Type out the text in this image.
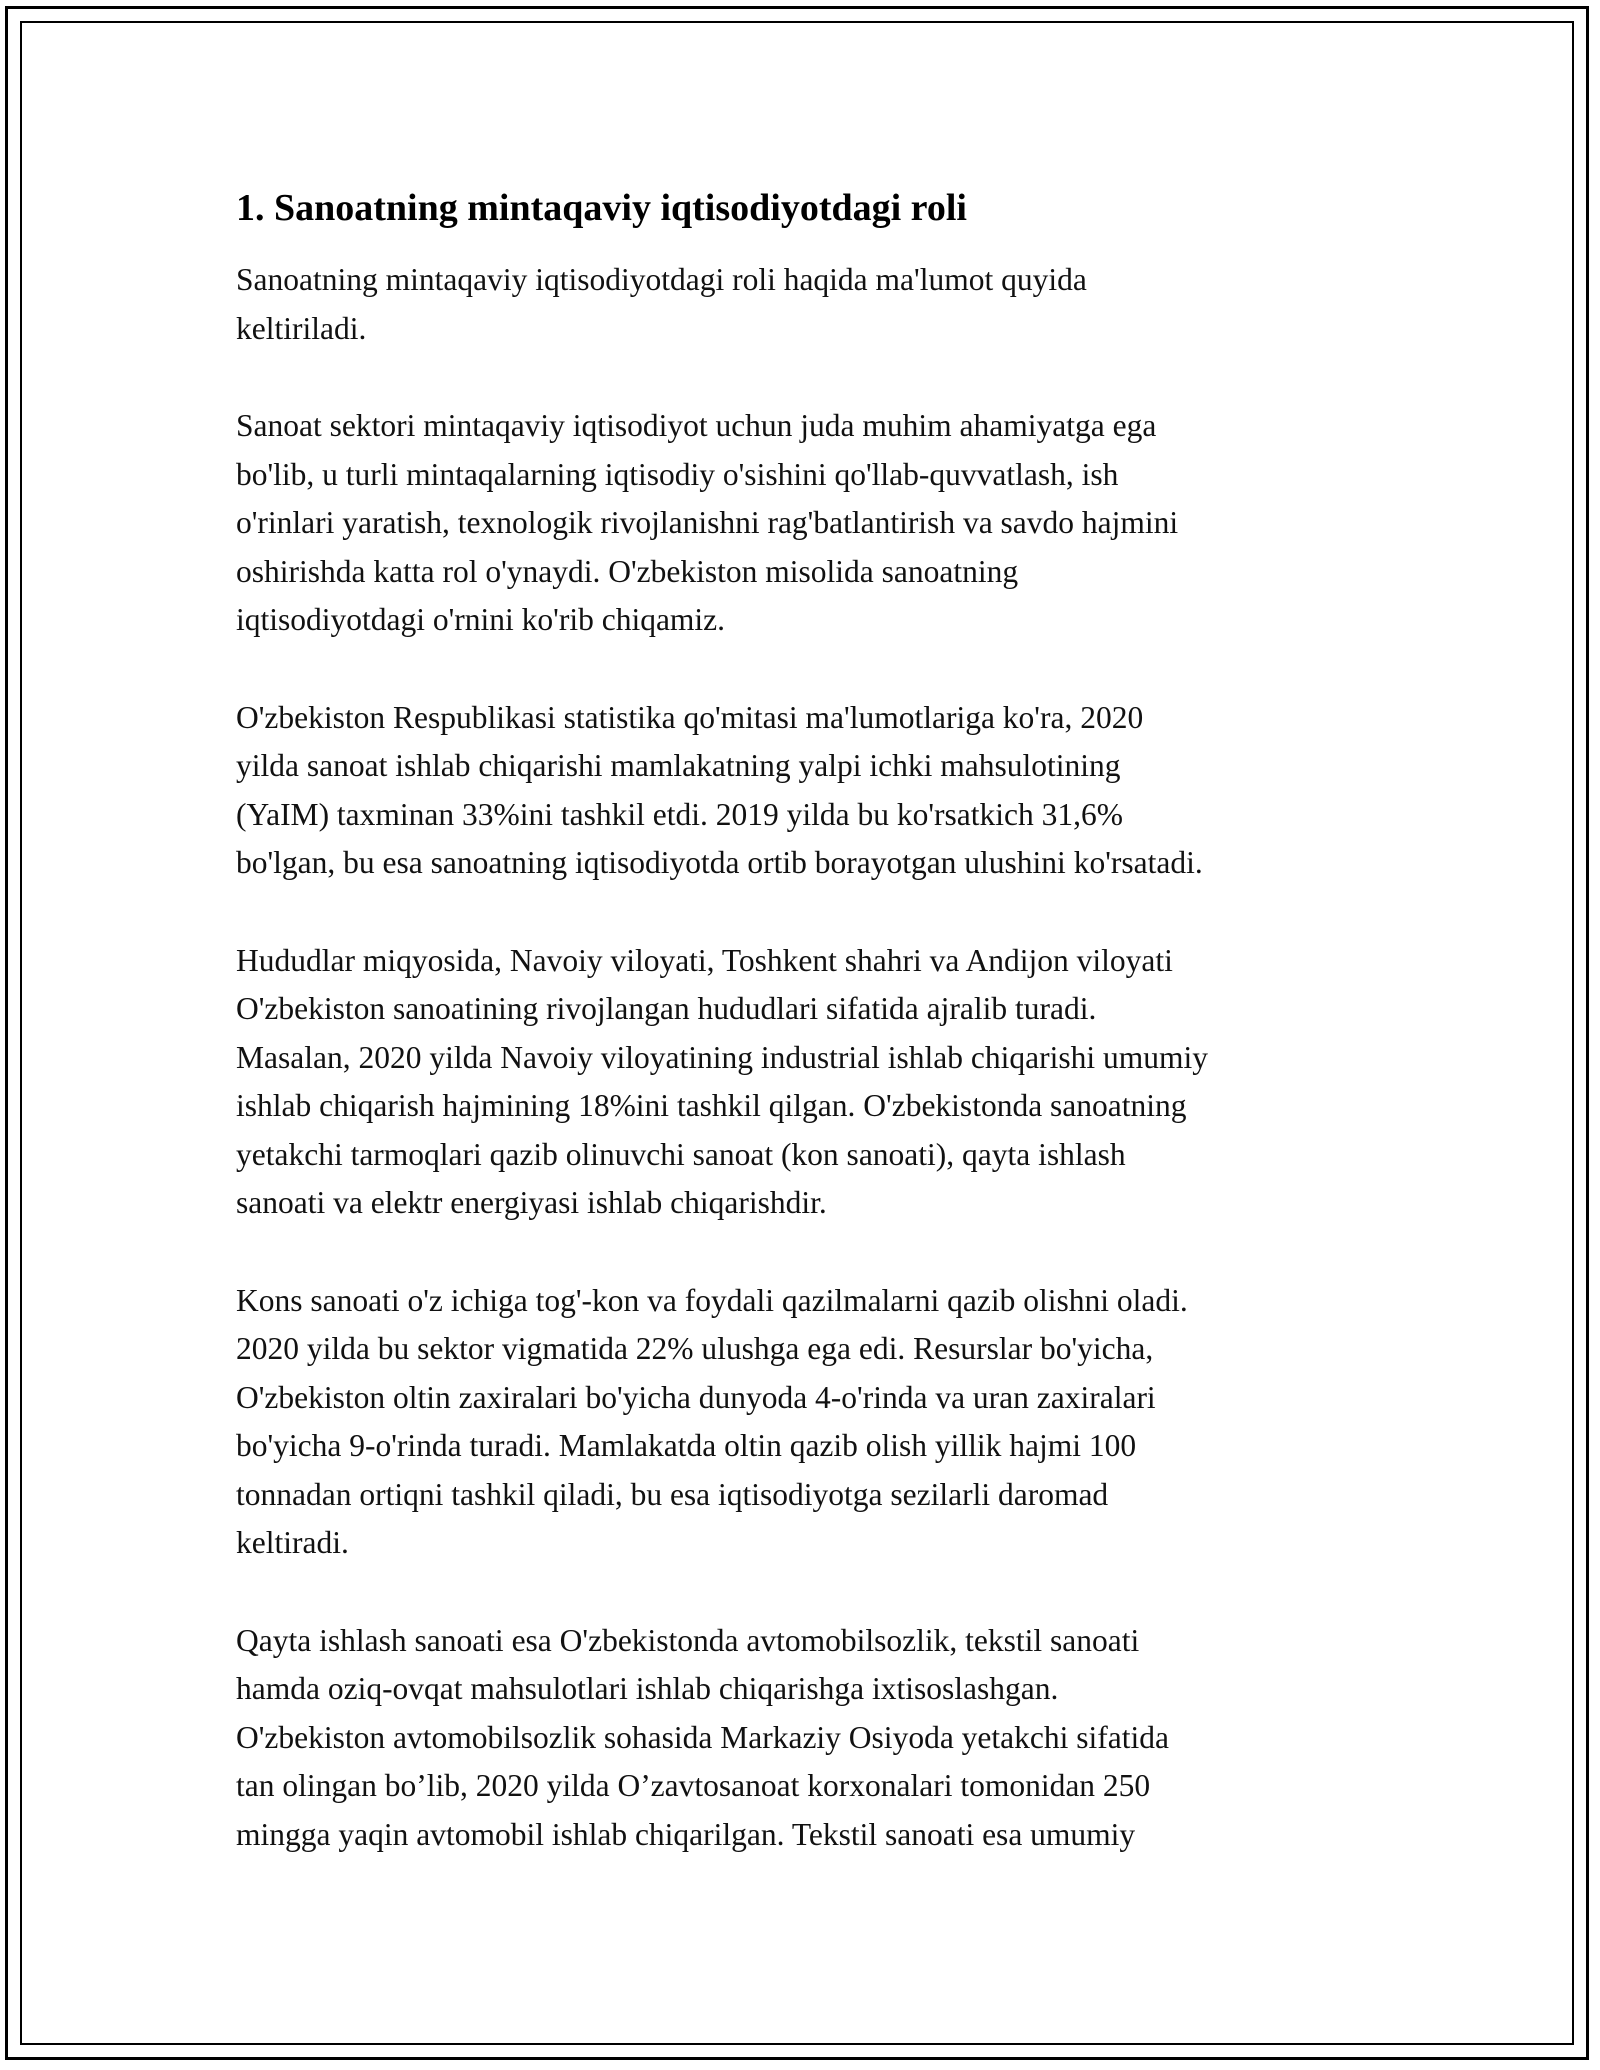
1. Sanoatning mintaqaviy iqtisodiyotdagi roli

Sanoatning mintaqaviy iqtisodiyotdagi roli haqida ma'lumot quyida
keltiriladi.

Sanoat sektori mintaqaviy iqtisodiyot uchun juda muhim ahamiyatga ega
bo'lib, u turli mintaqalarning iqtisodiy o'sishini qo'llab-quvvatlash, ish
o'rinlari yaratish, texnologik rivojlanishni rag'batlantirish va savdo hajmini
oshirishda katta rol o'ynaydi. O'zbekiston misolida sanoatning
iqtisodiyotdagi o'rnini ko'rib chiqamiz.

O'zbekiston Respublikasi statistika qo'mitasi ma'lumotlariga ko'ra, 2020
yilda sanoat ishlab chiqarishi mamlakatning yalpi ichki mahsulotining
(YaIM) taxminan 33%ini tashkil etdi. 2019 yilda bu ko'rsatkich 31,6%
bo'lgan, bu esa sanoatning iqtisodiyotda ortib borayotgan ulushini ko'rsatadi.

Hududlar miqyosida, Navoiy viloyati, Toshkent shahri va Andijon viloyati
O'zbekiston sanoatining rivojlangan hududlari sifatida ajralib turadi.
Masalan, 2020 yilda Navoiy viloyatining industrial ishlab chiqarishi umumiy
ishlab chiqarish hajmining 18%ini tashkil qilgan. O'zbekistonda sanoatning
yetakchi tarmoqlari qazib olinuvchi sanoat (kon sanoati), qayta ishlash
sanoati va elektr energiyasi ishlab chiqarishdir.

Kons sanoati o'z ichiga tog'-kon va foydali qazilmalarni qazib olishni oladi.
2020 yilda bu sektor vigmatida 22% ulushga ega edi. Resurslar bo'yicha,
O'zbekiston oltin zaxiralari bo'yicha dunyoda 4-o'rinda va uran zaxiralari
bo'yicha 9-o'rinda turadi. Mamlakatda oltin qazib olish yillik hajmi 100
tonnadan ortiqni tashkil qiladi, bu esa iqtisodiyotga sezilarli daromad
keltiradi.

Qayta ishlash sanoati esa O'zbekistonda avtomobilsozlik, tekstil sanoati
hamda oziq-ovqat mahsulotlari ishlab chiqarishga ixtisoslashgan.
O'zbekiston avtomobilsozlik sohasida Markaziy Osiyoda yetakchi sifatida
tan olingan bo’lib, 2020 yilda O’zavtosanoat korxonalari tomonidan 250
mingga yaqin avtomobil ishlab chiqarilgan. Tekstil sanoati esa umumiy
